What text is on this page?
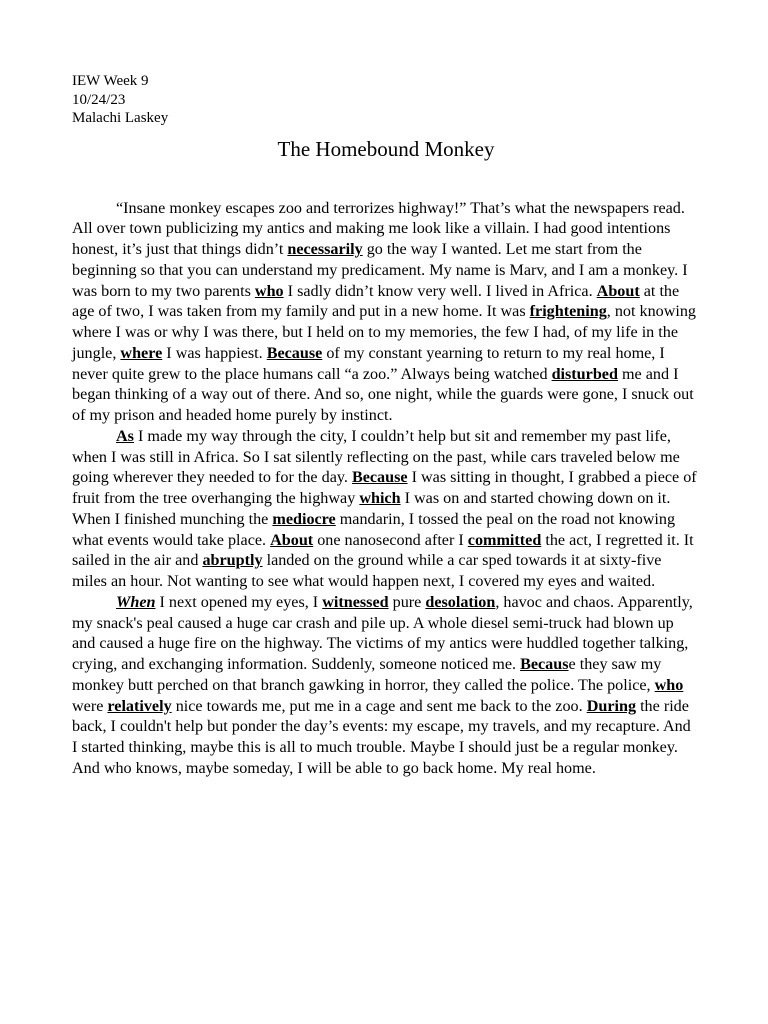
IEW Week 9

10/24/23

Malachi Laskey

The Homebound Monkey

“Insane monkey escapes zoo and terrorizes highway!” That’s what the newspapers read. All over town publicizing my antics and making me look like a villain. I had good intentions honest, it’s just that things didn’t necessarily go the way I wanted. Let me start from the beginning so that you can understand my predicament. My name is Marv, and I am a monkey. I was born to my two parents who I sadly didn’t know very well. I lived in Africa. About at the age of two, I was taken from my family and put in a new home. It was frightening, not knowing where I was or why I was there, but I held on to my memories, the few I had, of my life in the jungle, where I was happiest. Because of my constant yearning to return to my real home, I never quite grew to the place humans call “a zoo.” Always being watched disturbed me and I began thinking of a way out of there. And so, one night, while the guards were gone, I snuck out of my prison and headed home purely by instinct.

As I made my way through the city, I couldn’t help but sit and remember my past life, when I was still in Africa. So I sat silently reflecting on the past, while cars traveled below me going wherever they needed to for the day. Because I was sitting in thought, I grabbed a piece of fruit from the tree overhanging the highway which I was on and started chowing down on it. When I finished munching the mediocre mandarin, I tossed the peal on the road not knowing what events would take place. About one nanosecond after I committed the act, I regretted it. It sailed in the air and abruptly landed on the ground while a car sped towards it at sixty-five miles an hour. Not wanting to see what would happen next, I covered my eyes and waited.

When I next opened my eyes, I witnessed pure desolation, havoc and chaos. Apparently, my snack's peal caused a huge car crash and pile up. A whole diesel semi-truck had blown up and caused a huge fire on the highway. The victims of my antics were huddled together talking, crying, and exchanging information. Suddenly, someone noticed me. Because they saw my monkey butt perched on that branch gawking in horror, they called the police. The police, who were relatively nice towards me, put me in a cage and sent me back to the zoo. During the ride back, I couldn't help but ponder the day’s events: my escape, my travels, and my recapture. And I started thinking, maybe this is all to much trouble. Maybe I should just be a regular monkey. And who knows, maybe someday, I will be able to go back home. My real home.
